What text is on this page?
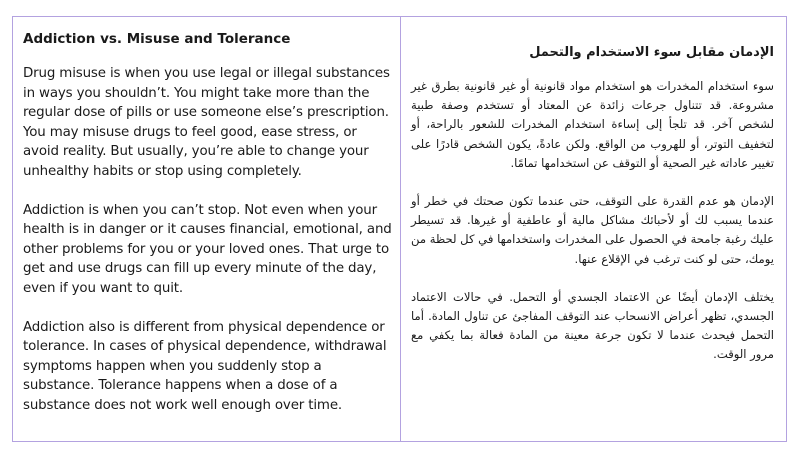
Addiction vs. Misuse and Tolerance

Drug misuse is when you use legal or illegal substances in ways you shouldn’t. You might take more than the regular dose of pills or use someone else’s prescription. You may misuse drugs to feel good, ease stress, or avoid reality. But usually, you’re able to change your unhealthy habits or stop using completely.

Addiction is when you can’t stop. Not even when your health is in danger or it causes financial, emotional, and other problems for you or your loved ones. That urge to get and use drugs can fill up every minute of the day, even if you want to quit.

Addiction also is different from physical dependence or tolerance. In cases of physical dependence, withdrawal symptoms happen when you suddenly stop a substance. Tolerance happens when a dose of a substance does not work well enough over time.

الإدمان مقابل سوء الاستخدام والتحمل

سوء استخدام المخدرات هو استخدام مواد قانونية أو غير قانونية بطرق غير مشروعة. قد تتناول جرعات زائدة عن المعتاد أو تستخدم وصفة طبية لشخص آخر. قد تلجأ إلى إساءة استخدام المخدرات للشعور بالراحة، أو لتخفيف التوتر، أو للهروب من الواقع. ولكن عادةً، يكون الشخص قادرًا على تغيير عاداته غير الصحية أو التوقف عن استخدامها تمامًا.

الإدمان هو عدم القدرة على التوقف، حتى عندما تكون صحتك في خطر أو عندما يسبب لك أو لأحبائك مشاكل مالية أو عاطفية أو غيرها. قد تسيطر عليك رغبة جامحة في الحصول على المخدرات واستخدامها في كل لحظة من يومك، حتى لو كنت ترغب في الإقلاع عنها.

يختلف الإدمان أيضًا عن الاعتماد الجسدي أو التحمل. في حالات الاعتماد الجسدي، تظهر أعراض الانسحاب عند التوقف المفاجئ عن تناول المادة. أما التحمل فيحدث عندما لا تكون جرعة معينة من المادة فعالة بما يكفي مع مرور الوقت.
